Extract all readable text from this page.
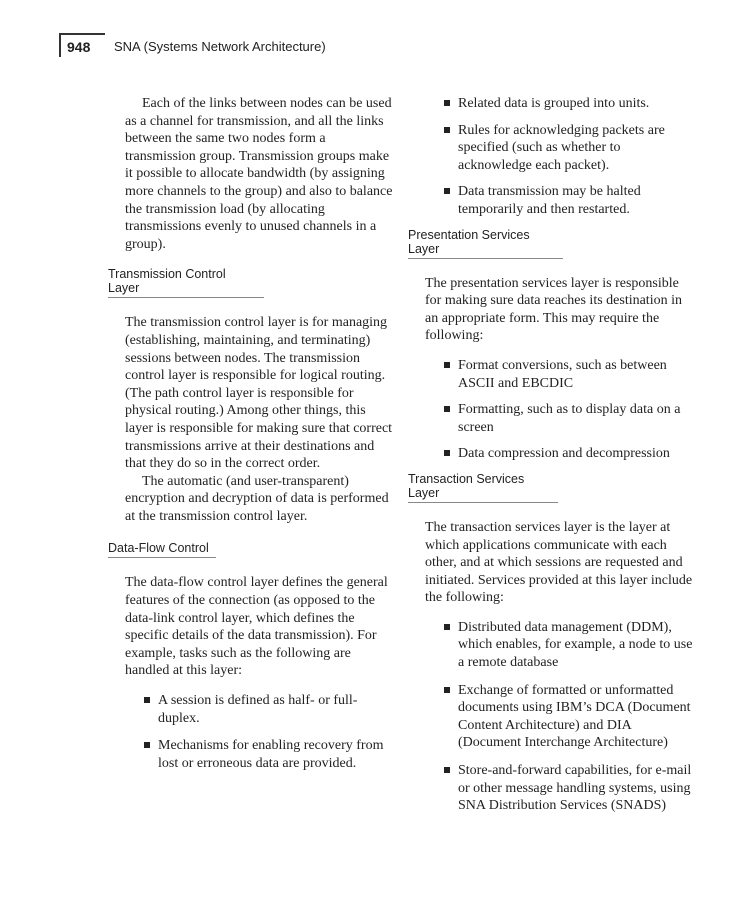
948 SNA (Systems Network Architecture)

Each of the links between nodes can be used as a channel for transmission, and all the links between the same two nodes form a transmission group. Transmission groups make it possible to allocate bandwidth (by assigning more channels to the group) and also to balance the transmission load (by allocating transmissions evenly to unused channels in a group).

Transmission Control Layer

The transmission control layer is for managing (establishing, maintaining, and terminating) sessions between nodes. The transmission control layer is responsible for logical routing. (The path control layer is responsible for physical routing.) Among other things, this layer is responsible for making sure that correct transmissions arrive at their destinations and that they do so in the correct order.

The automatic (and user-transparent) encryption and decryption of data is performed at the transmission control layer.

Data-Flow Control

The data-flow control layer defines the general features of the connection (as opposed to the data-link control layer, which defines the specific details of the data transmission). For example, tasks such as the following are handled at this layer:

A session is defined as half- or full-duplex.
Mechanisms for enabling recovery from lost or erroneous data are provided.
Related data is grouped into units.
Rules for acknowledging packets are specified (such as whether to acknowledge each packet).
Data transmission may be halted temporarily and then restarted.
Presentation Services Layer

The presentation services layer is responsible for making sure data reaches its destination in an appropriate form. This may require the following:

Format conversions, such as between ASCII and EBCDIC
Formatting, such as to display data on a screen
Data compression and decompression
Transaction Services Layer

The transaction services layer is the layer at which applications communicate with each other, and at which sessions are requested and initiated. Services provided at this layer include the following:

Distributed data management (DDM), which enables, for example, a node to use a remote database
Exchange of formatted or unformatted documents using IBM’s DCA (Document Content Architecture) and DIA (Document Interchange Architecture)
Store-and-forward capabilities, for e-mail or other message handling systems, using SNA Distribution Services (SNADS)
